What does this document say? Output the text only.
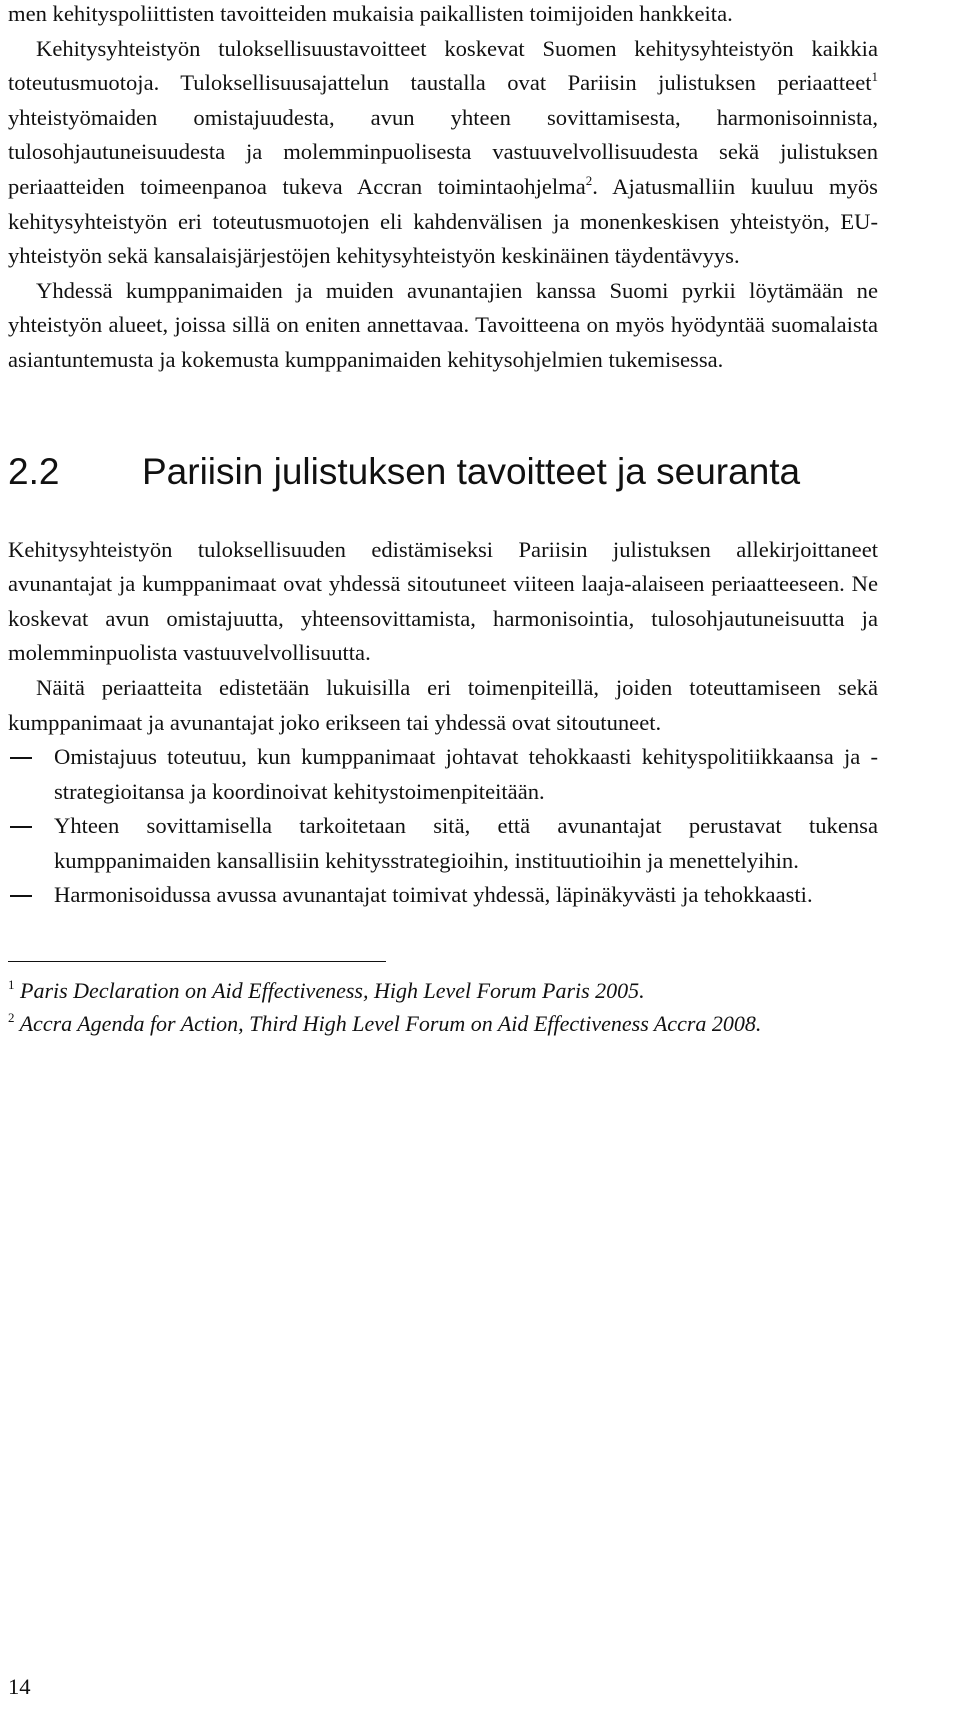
men kehityspoliittisten tavoitteiden mukaisia paikallisten toimijoiden hankkeita.

Kehitysyhteistyön tuloksellisuustavoitteet koskevat Suomen kehitysyhteistyön kaikkia toteutusmuotoja. Tuloksellisuusajattelun taustalla ovat Pariisin julistuksen periaatteet$^1$ yhteistyömaiden omistajuudesta, avun yhteen sovittamisesta, harmonisoinnista, tulosohjautuneisuudesta ja molemminpuolisesta vastuuvelvollisuudesta sekä julistuksen periaatteiden toimeenpanoa tukeva Accran toimintaohjelma$^2$. Ajatusmalliin kuuluu myös kehitysyhteistyön eri toteutusmuotojen eli kahdenvälisen ja monenkeskisen yhteistyön, EU-yhteistyön sekä kansalaisjärjestöjen kehitysyhteistyön keskinäinen täydentävyys.

Yhdessä kumppanimaiden ja muiden avunantajien kanssa Suomi pyrkii löytämään ne yhteistyön alueet, joissa sillä on eniten annettavaa. Tavoitteena on myös hyödyntää suomalaista asiantuntemusta ja kokemusta kumppanimaiden kehitysohjelmien tukemisessa.

2.2	Pariisin julistuksen tavoitteet ja seuranta

Kehitysyhteistyön tuloksellisuuden edistämiseksi Pariisin julistuksen allekirjoittaneet avunantajat ja kumppanimaat ovat yhdessä sitoutuneet viiteen laaja-alaiseen periaatteeseen. Ne koskevat avun omistajuutta, yhteensovittamista, harmonisointia, tulosohjautuneisuutta ja molemminpuolista vastuuvelvollisuutta.

Näitä periaatteita edistetään lukuisilla eri toimenpiteillä, joiden toteuttamiseen sekä kumppanimaat ja avunantajat joko erikseen tai yhdessä ovat sitoutuneet.

Omistajuus toteutuu, kun kumppanimaat johtavat tehokkaasti kehityspolitiikkaansa ja -strategioitansa ja koordinoivat kehitystoimenpiteitään.
Yhteen sovittamisella tarkoitetaan sitä, että avunantajat perustavat tukensa kumppanimaiden kansallisiin kehitysstrategioihin, instituutioihin ja menettelyihin.
Harmonisoidussa avussa avunantajat toimivat yhdessä, läpinäkyvästi ja tehokkaasti.

$^1$ Paris Declaration on Aid Effectiveness, High Level Forum Paris 2005.

$^2$ Accra Agenda for Action, Third High Level Forum on Aid Effectiveness Accra 2008.

14
